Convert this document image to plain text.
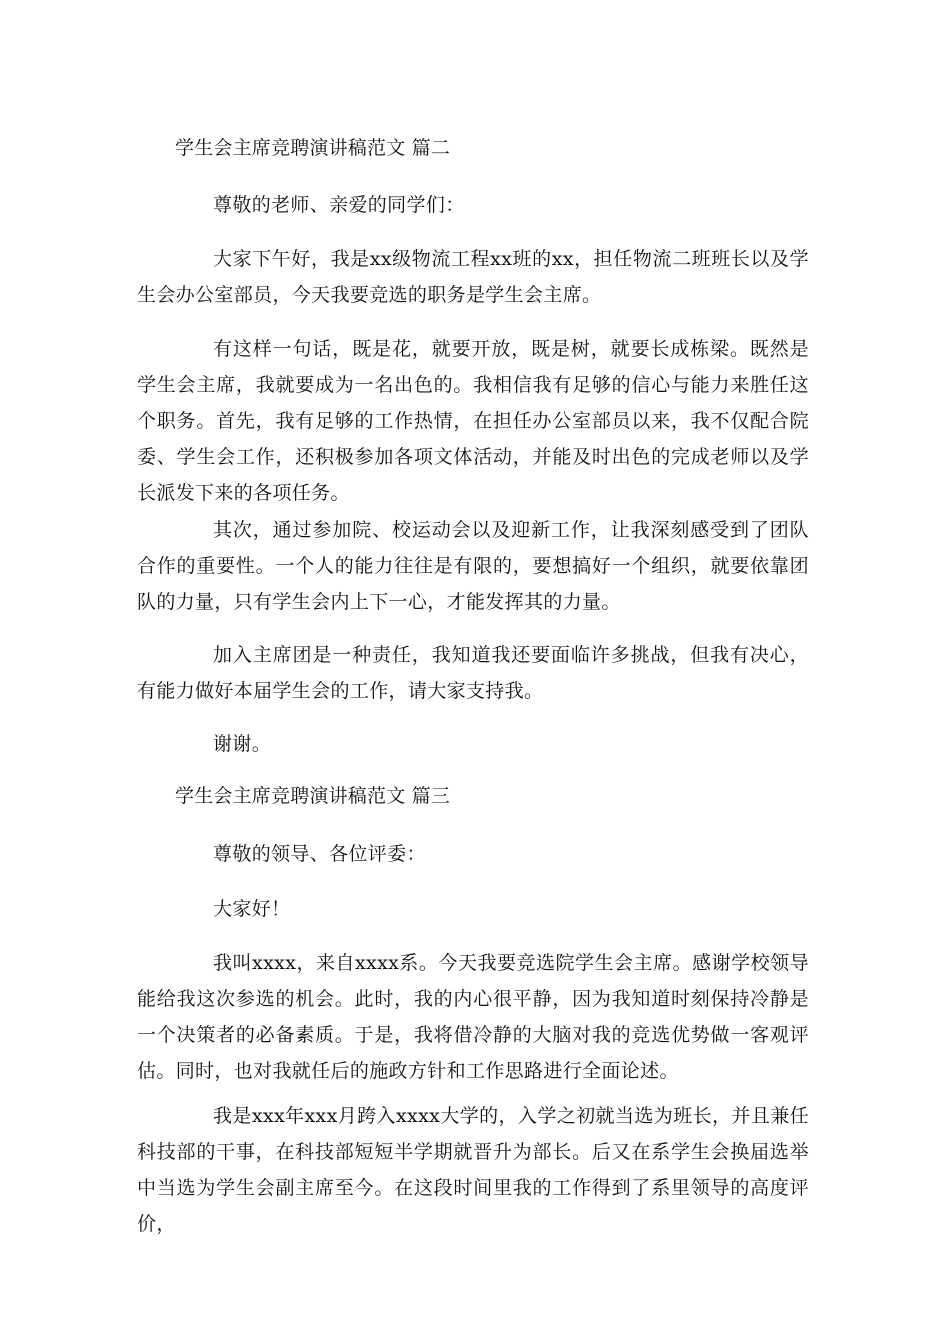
学生会主席竞聘演讲稿范文 篇二
尊敬的老师、亲爱的同学们：
大家下午好，我是xx级物流工程xx班的xx，担任物流二班班长以及学生会办公室部员，今天我要竞选的职务是学生会主席。
有这样一句话，既是花，就要开放，既是树，就要长成栋梁。既然是学生会主席，我就要成为一名出色的。我相信我有足够的信心与能力来胜任这个职务。首先，我有足够的工作热情，在担任办公室部员以来，我不仅配合院委、学生会工作，还积极参加各项文体活动，并能及时出色的完成老师以及学长派发下来的各项任务。
其次，通过参加院、校运动会以及迎新工作，让我深刻感受到了团队合作的重要性。一个人的能力往往是有限的，要想搞好一个组织，就要依靠团队的力量，只有学生会内上下一心，才能发挥其的力量。
加入主席团是一种责任，我知道我还要面临许多挑战，但我有决心，有能力做好本届学生会的工作，请大家支持我。
谢谢。
学生会主席竞聘演讲稿范文 篇三
尊敬的领导、各位评委：
大家好！
我叫xxxx，来自xxxx系。今天我要竞选院学生会主席。感谢学校领导能给我这次参选的机会。此时，我的内心很平静，因为我知道时刻保持冷静是一个决策者的必备素质。于是，我将借冷静的大脑对我的竞选优势做一客观评估。同时，也对我就任后的施政方针和工作思路进行全面论述。
我是xxx年xxx月跨入xxxx大学的，入学之初就当选为班长，并且兼任科技部的干事，在科技部短短半学期就晋升为部长。后又在系学生会换届选举中当选为学生会副主席至今。在这段时间里我的工作得到了系里领导的高度评价，
